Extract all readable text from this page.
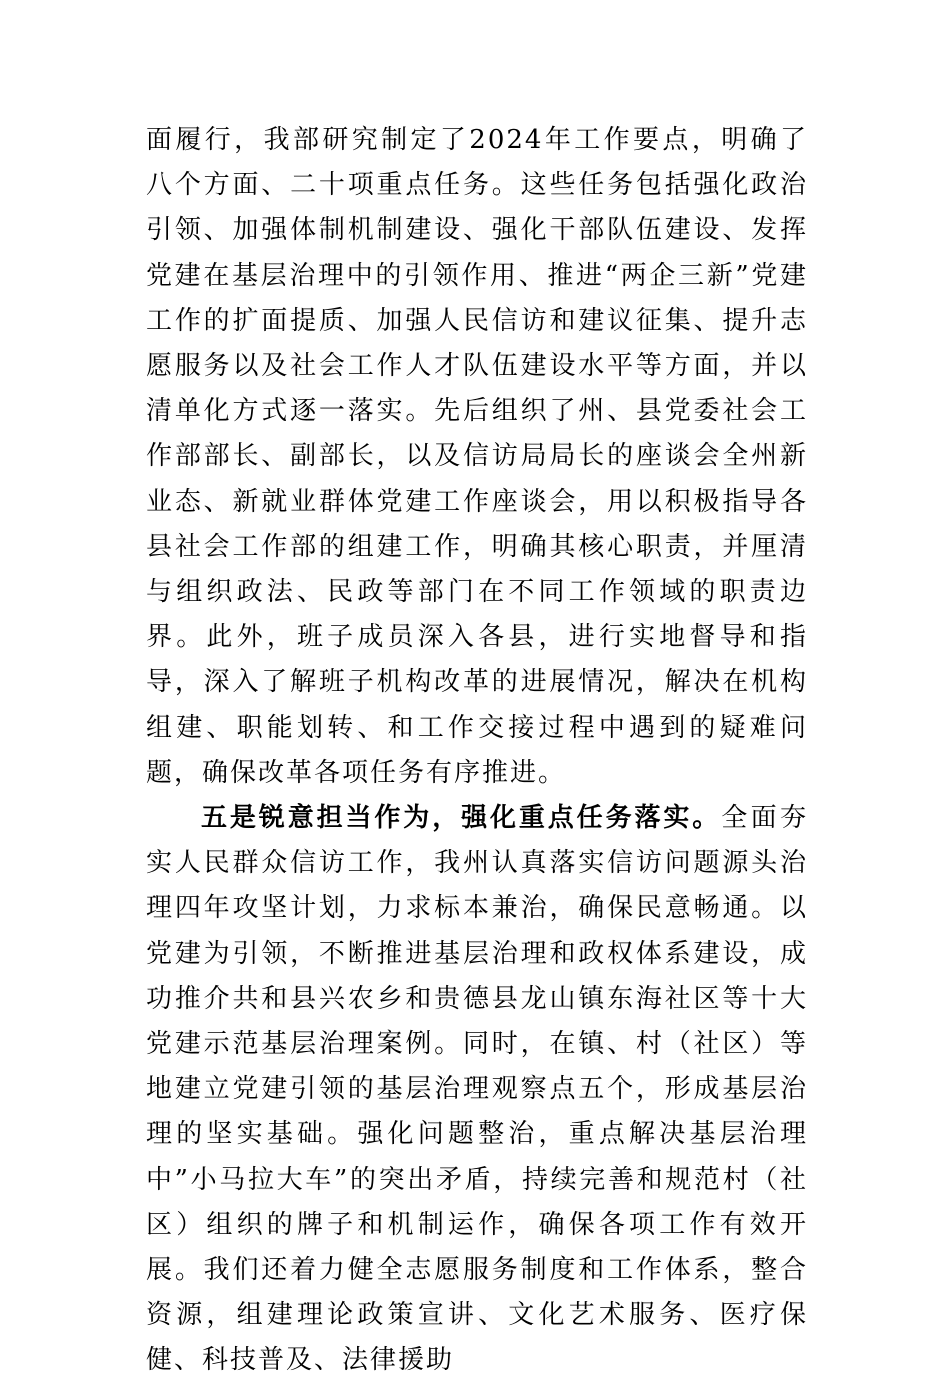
面履行，我部研究制定了2024年工作要点，明确了八个方面、二十项重点任务。这些任务包括强化政治引领、加强体制机制建设、强化干部队伍建设、发挥党建在基层治理中的引领作用、推进“两企三新”党建工作的扩面提质、加强人民信访和建议征集、提升志愿服务以及社会工作人才队伍建设水平等方面，并以清单化方式逐一落实。先后组织了州、县党委社会工作部部长、副部长，以及信访局局长的座谈会全州新业态、新就业群体党建工作座谈会，用以积极指导各县社会工作部的组建工作，明确其核心职责，并厘清与组织政法、民政等部门在不同工作领域的职责边界。此外，班子成员深入各县，进行实地督导和指导，深入了解班子机构改革的进展情况，解决在机构组建、职能划转、和工作交接过程中遇到的疑难问题，确保改革各项任务有序推进。

五是锐意担当作为，强化重点任务落实。全面夯实人民群众信访工作，我州认真落实信访问题源头治理四年攻坚计划，力求标本兼治，确保民意畅通。以党建为引领，不断推进基层治理和政权体系建设，成功推介共和县兴农乡和贵德县龙山镇东海社区等十大党建示范基层治理案例。同时，在镇、村（社区）等地建立党建引领的基层治理观察点五个，形成基层治理的坚实基础。强化问题整治，重点解决基层治理中”小马拉大车”的突出矛盾，持续完善和规范村（社区）组织的牌子和机制运作，确保各项工作有效开展。我们还着力健全志愿服务制度和工作体系，整合资源，组建理论政策宣讲、文化艺术服务、医疗保健、科技普及、法律援助
